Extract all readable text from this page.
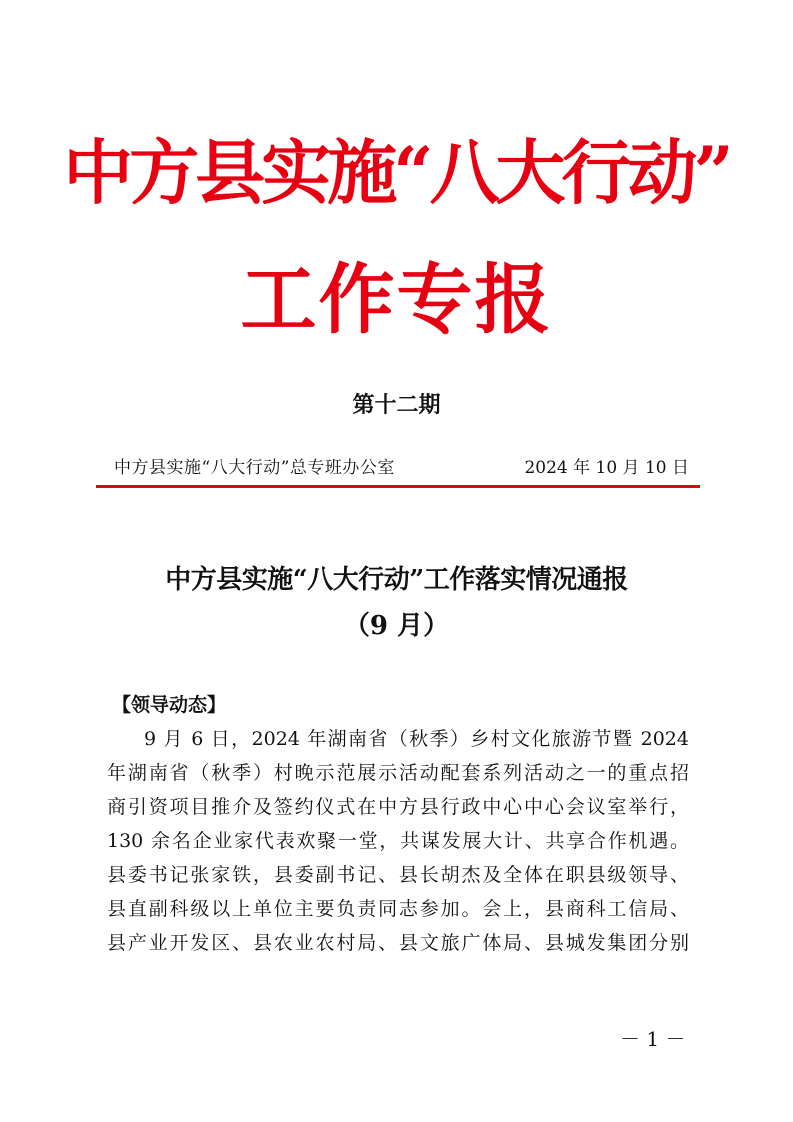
中方县实施“八大行动”
工作专报
第十二期
中方县实施“八大行动”总专班办公室	2024 年 10 月 10 日
中方县实施“八大行动”工作落实情况通报
（9 月）
【领导动态】
9 月 6 日，2024 年湖南省（秋季）乡村文化旅游节暨 2024
年湖南省（秋季）村晚示范展示活动配套系列活动之一的重点招
商引资项目推介及签约仪式在中方县行政中心中心会议室举行，
130 余名企业家代表欢聚一堂，共谋发展大计、共享合作机遇。
县委书记张家铁，县委副书记、县长胡杰及全体在职县级领导、
县直副科级以上单位主要负责同志参加。会上，县商科工信局、
县产业开发区、县农业农村局、县文旅广体局、县城发集团分别
－ 1 －
